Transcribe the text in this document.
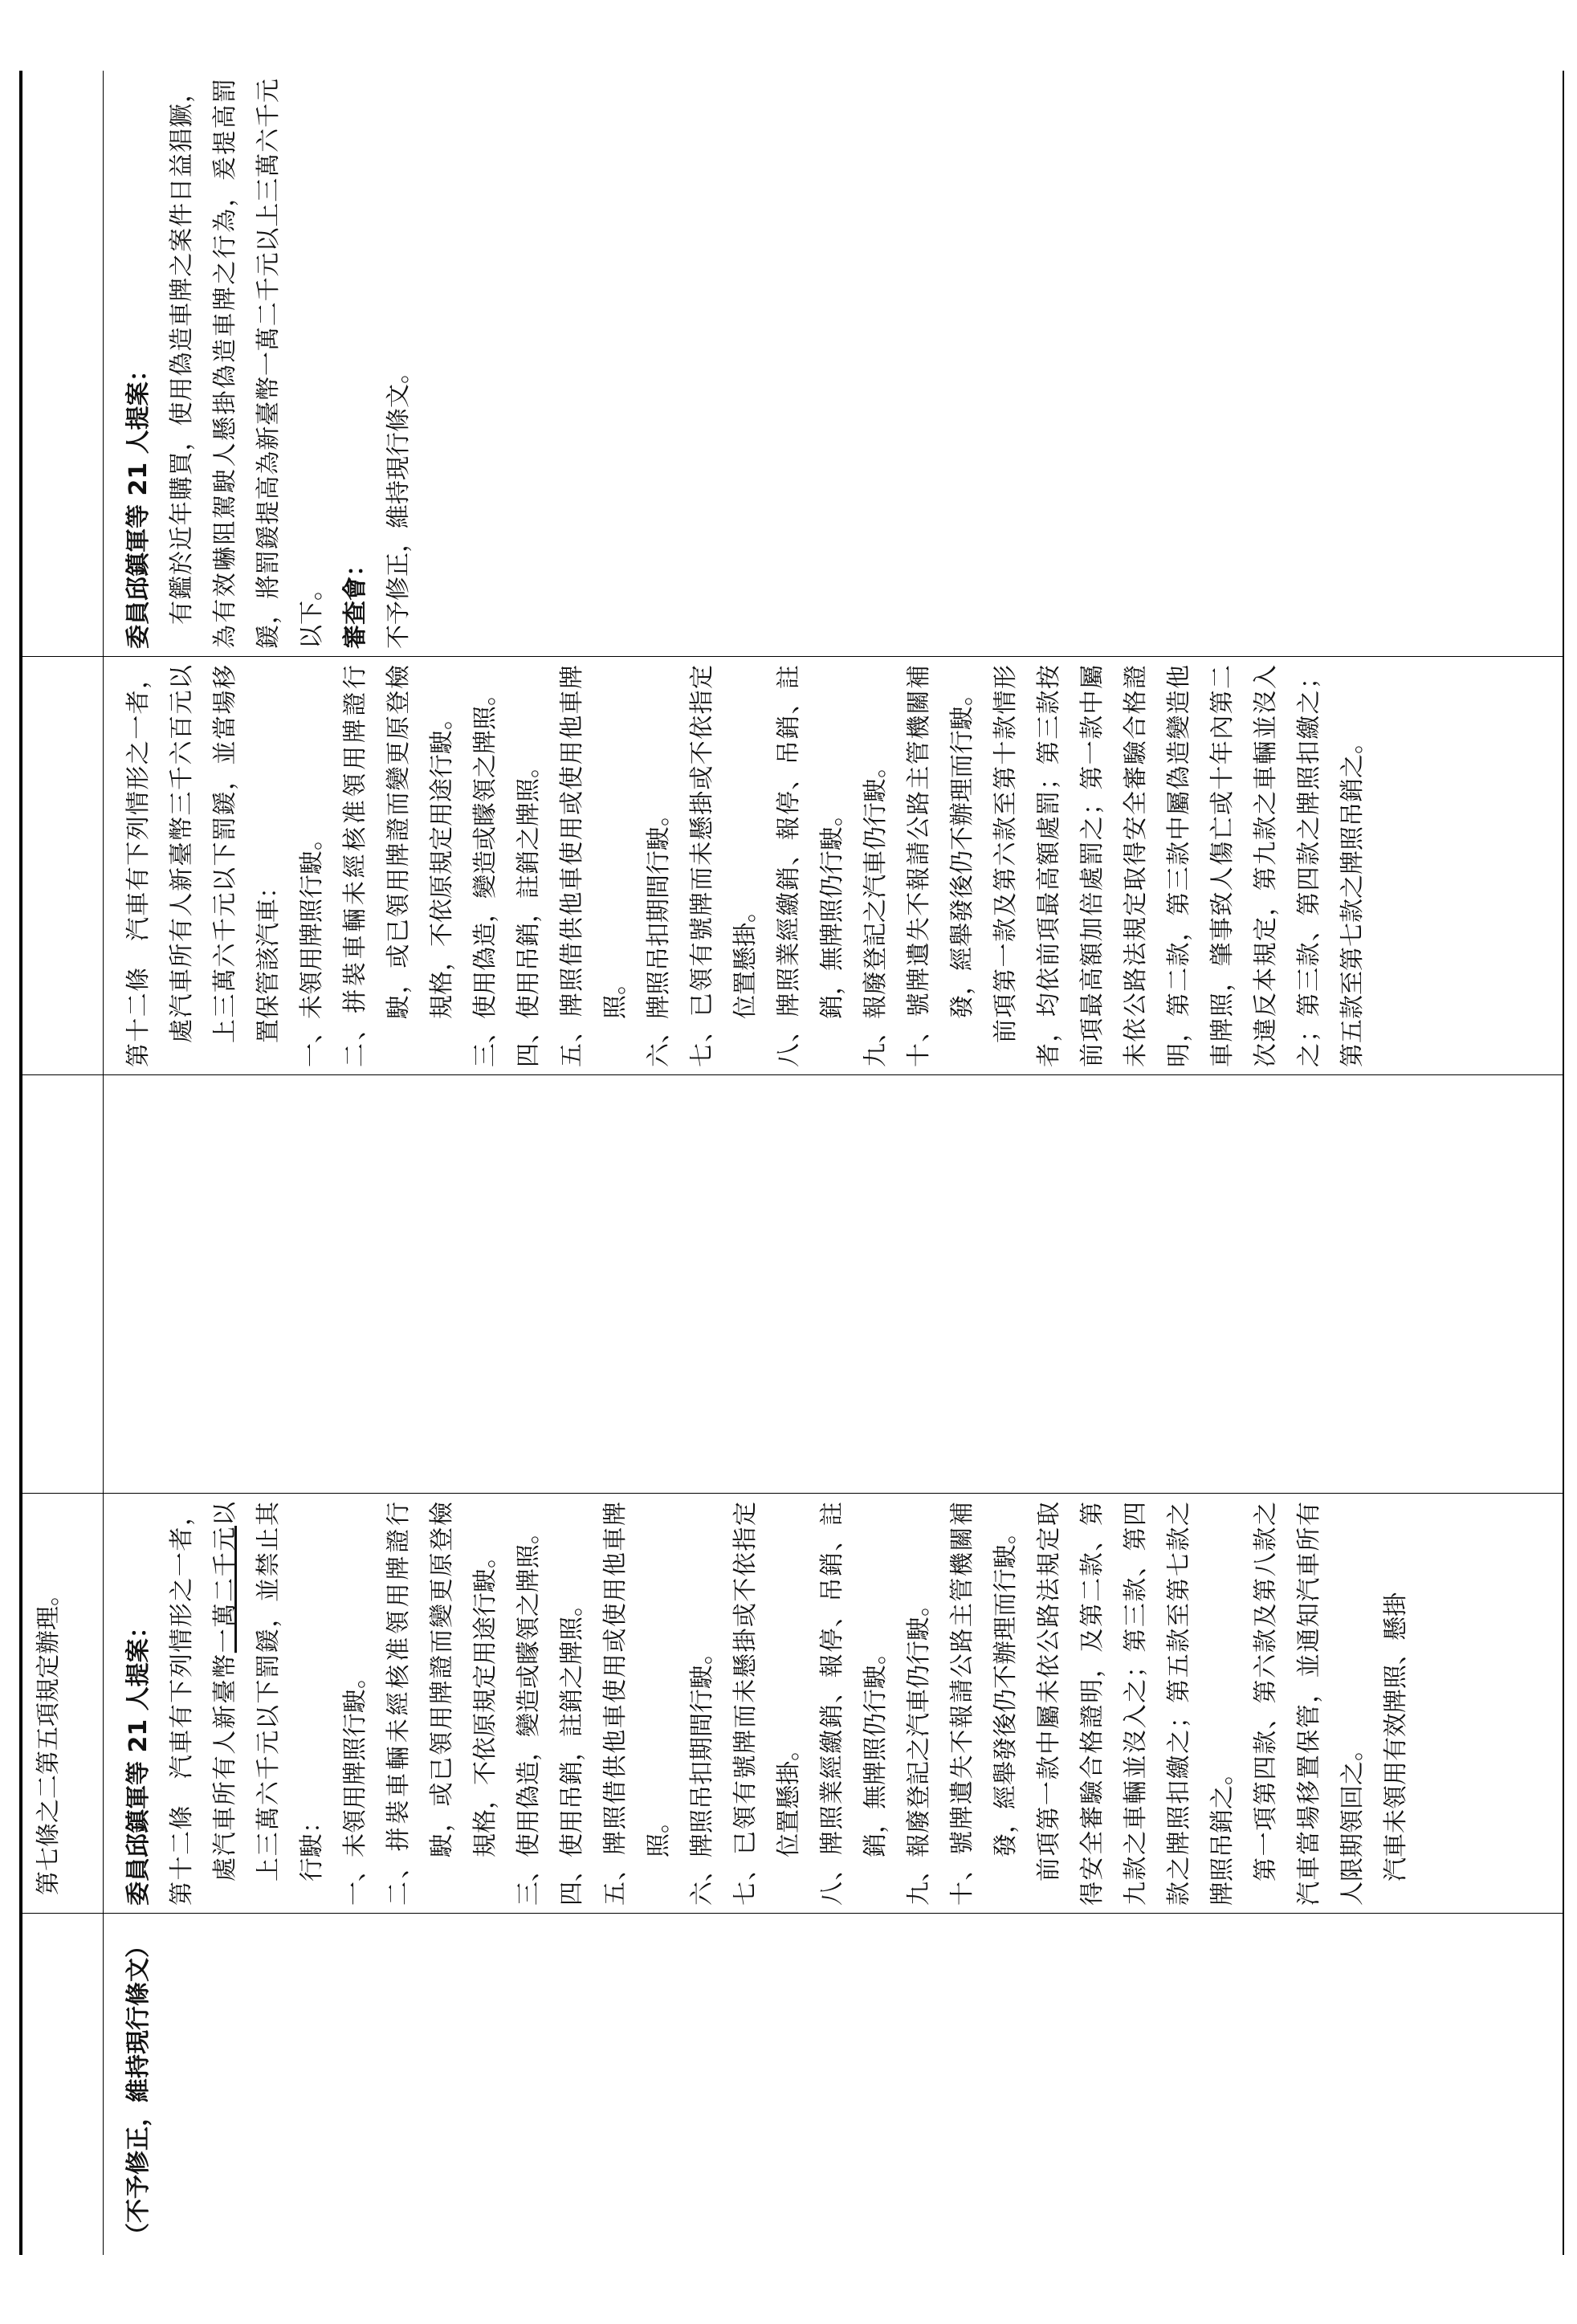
第七條之二第五項規定辦理。

（不予修正，維持現行條文）

委員邱鎮軍等 21 人提案： 第十二條　汽車有下列情形之一者，處汽車所有人新臺幣一萬二千元以上三萬六千元以下罰鍰，並禁止其行駛： 一、未領用牌照行駛。 二、拼裝車輛未經核准領用牌證行駛，或已領用牌證而變更原登檢規格，不依原規定用途行駛。 三、使用偽造，變造或矇領之牌照。 四、使用吊銷，註銷之牌照。 五、牌照借供他車使用或使用他車牌照。 六、牌照吊扣期間行駛。 七、已領有號牌而未懸掛或不依指定位置懸掛。 八、牌照業經繳銷、報停、吊銷、註銷，無牌照仍行駛。 九、報廢登記之汽車仍行駛。 十、號牌遺失不報請公路主管機關補發，經舉發後仍不辦理而行駛。 前項第一款中屬未依公路法規定取得安全審驗合格證明，及第二款、第九款之車輛並沒入之；第三款、第四款之牌照扣繳之；第五款至第七款之牌照吊銷之。 第一項第四款、第六款及第八款之汽車當場移置保管，並通知汽車所有人限期領回之。 汽車未領用有效牌照、懸掛

第十二條　汽車有下列情形之一者，處汽車所有人新臺幣三千六百元以上三萬六千元以下罰鍰，並當場移置保管該汽車： 一、未領用牌照行駛。 二、拼裝車輛未經核准領用牌證行駛，或已領用牌證而變更原登檢規格，不依原規定用途行駛。 三、使用偽造，變造或矇領之牌照。 四、使用吊銷，註銷之牌照。 五、牌照借供他車使用或使用他車牌照。 六、牌照吊扣期間行駛。 七、已領有號牌而未懸掛或不依指定位置懸掛。 八、牌照業經繳銷、報停、吊銷、註銷，無牌照仍行駛。 九、報廢登記之汽車仍行駛。 十、號牌遺失不報請公路主管機關補發，經舉發後仍不辦理而行駛。 前項第一款及第六款至第十款情形者，均依前項最高額處罰；第三款按前項最高額加倍處罰之；第一款中屬未依公路法規定取得安全審驗合格證明，第二款，第三款中屬偽造變造他車牌照，肇事致人傷亡或十年內第二次違反本規定，第九款之車輛並沒入之；第三款、第四款之牌照扣繳之；第五款至第七款之牌照吊銷之。

委員邱鎮軍等 21 人提案： 有鑑於近年購買，使用偽造車牌之案件日益猖獗，為有效嚇阻駕駛人懸掛偽造車牌之行為，爰提高罰鍰，將罰鍰提高為新臺幣一萬二千元以上三萬六千元以下。 審查會： 不予修正，維持現行條文。
